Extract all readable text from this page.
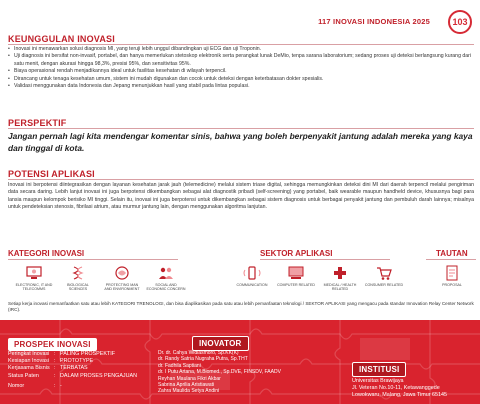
117 INOVASI INDONESIA 2025	103
KEUNGGULAN INOVASI
• Inovasi ini menawarkan solusi diagnosis MI, yang teruji lebih unggul dibandingkan uji ECG dan uji Troponin.
• Uji diagnosis ini bersifat non-invasif, portabel, dan hanya memerlukan stetoskop elektronik serta perangkat lunak DeMio, tenpa sarana laboratorium; sedang proses uji deteksi berlangsung kurang dari satu menit, dengan akurasi hingga 98,3%, presisi 95%, dan sensitivitas 95%.
• Biaya operasional rendah menjadikannya ideal untuk fasilitas kesehatan di wilayah terpencil.
• Dirancang untuk tenaga kesehatan umum, sistem ini mudah digunakan dan cocok untuk deteksi dengan keterbatasan dokter spesialis.
• Validasi menggunakan data Indonesia dan Jepang menunjukkan hasil yang stabil pada lintas populasi.
PERSPEKTIF
Jangan pernah lagi kita mendengar komentar sinis, bahwa yang boleh berpenyakit jantung adalah mereka yang kaya dan tinggal di kota.
POTENSI APLIKASI
Inovasi ini berpotensi diintegrasikan dengan layanan kesehatan jarak jauh (telemedicine) melalui sistem triase digital, sehingga memungkinkan deteksi dini MI dari daerah terpencil melalui pengiriman data secara daring. Lebih lanjut inovasi ini juga berpotensi dikembangkan sebagai alat diagnostik pribadi (self-screening) yang portabel, baik wearable maupun handheld device, khususnya bagi para lansia maupun kelompok berisiko MI tinggi. Selain itu, inovasi ini juga berpotensi untuk dikembangkan sebagai sistem diagnosis untuk berbagai penyakit jantung dan pembuluh darah lainnya; misalnya untuk pendeteksian stenosis, fibrilasi atrium, atau murmur jantung lain, dengan menggunakan algoritma lanjutan.
KATEGORI INOVASI	SEKTOR APLIKASI	TAUTAN
ELECTRONIC, IT AND TELECOMMS
BIOLOGICAL SCIENCES
PROTECTING MAN AND ENVIRONMENT
SOCIAL AND ECONOMIC CONCERN
COMMUNICATION	COMPUTER RELATED	MEDICAL / HEALTH RELATED
CONSUMER RELATED	PROPOSAL
Setiap kerja inovasi memanfaatkan satu atau lebih KATEGORI TRENOLOGI, dan bisa diaplikasikan pada satu atau lebih pemanfaatan teknologi / SEKTOR APLIKASI yang mengacu pada standar Innovation Relay Center Network (IRC).
PROSPEK INOVASI
Peringkat Inovasi : PALING PROSPEKTIF
Kesiapan Inovasi : PROTOTYPE
Kerjasama Bisnis : TERBATAS
Status Paten	: DALAM PROSES PENGAJUAN
Nomor	: -
INOVATOR
Dr. dr. Cahya Widiasmoro, Sp.KK(K)
dr. Randy Satria Nugraha Putra, Sp.THT
dr. Fadhila Saptiani
dr. I Putu Artana, M.Biomed., Sp.DVE, FINSDV, FAADV
Reyhan Maulana Fikri Akbar
Sabrina Aprilia Aristiawati
Zahra Maulida Setya Andini
INSTITUSI
Universitas Brawijaya
Jl. Veteran No.10-11, Ketawanggede
Lowokwaru, Malang, Jawa Timur 65145
